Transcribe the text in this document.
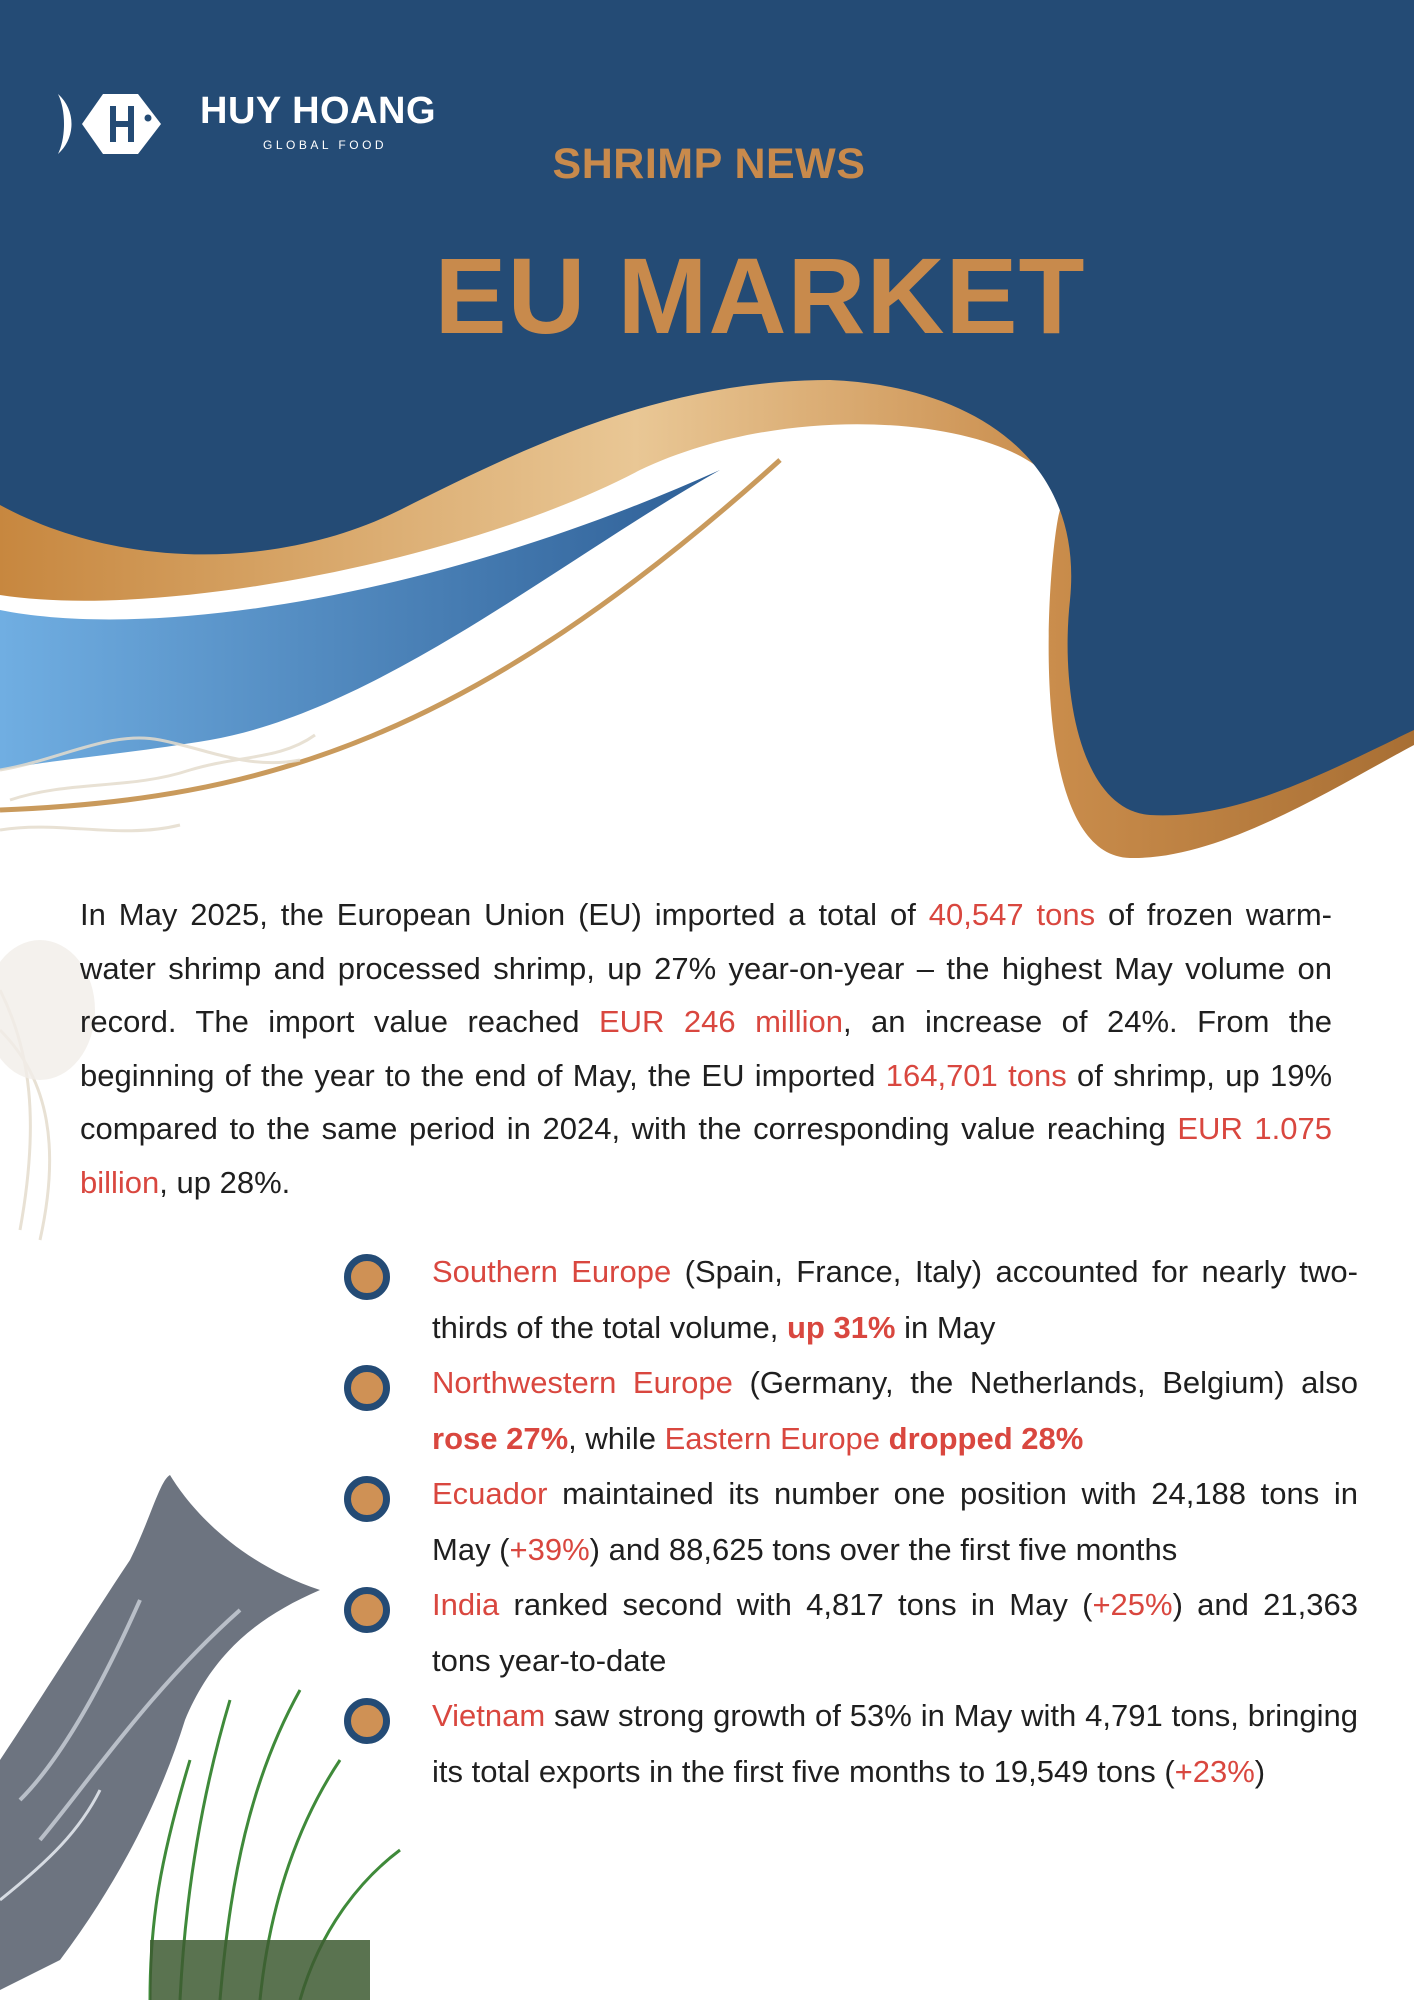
HUY HOANG
GLOBAL FOOD	SHRIMP NEWS
EU MARKET

In May 2025, the European Union (EU) imported a total of 40,547 tons of frozen warm-water shrimp and processed shrimp, up 27% year-on-year – the highest May volume on record. The import value reached EUR 246 million, an increase of 24%. From the beginning of the year to the end of May, the EU imported 164,701 tons of shrimp, up 19% compared to the same period in 2024, with the corresponding value reaching EUR 1.075 billion, up 28%.

Southern Europe (Spain, France, Italy) accounted for nearly two-thirds of the total volume, up 31% in May

Northwestern Europe (Germany, the Netherlands, Belgium) also rose 27%, while Eastern Europe dropped 28%

Ecuador maintained its number one position with 24,188 tons in May (+39%) and 88,625 tons over the first five months

India ranked second with 4,817 tons in May (+25%) and 21,363 tons year-to-date

Vietnam saw strong growth of 53% in May with 4,791 tons, bringing its total exports in the first five months to 19,549 tons (+23%)
